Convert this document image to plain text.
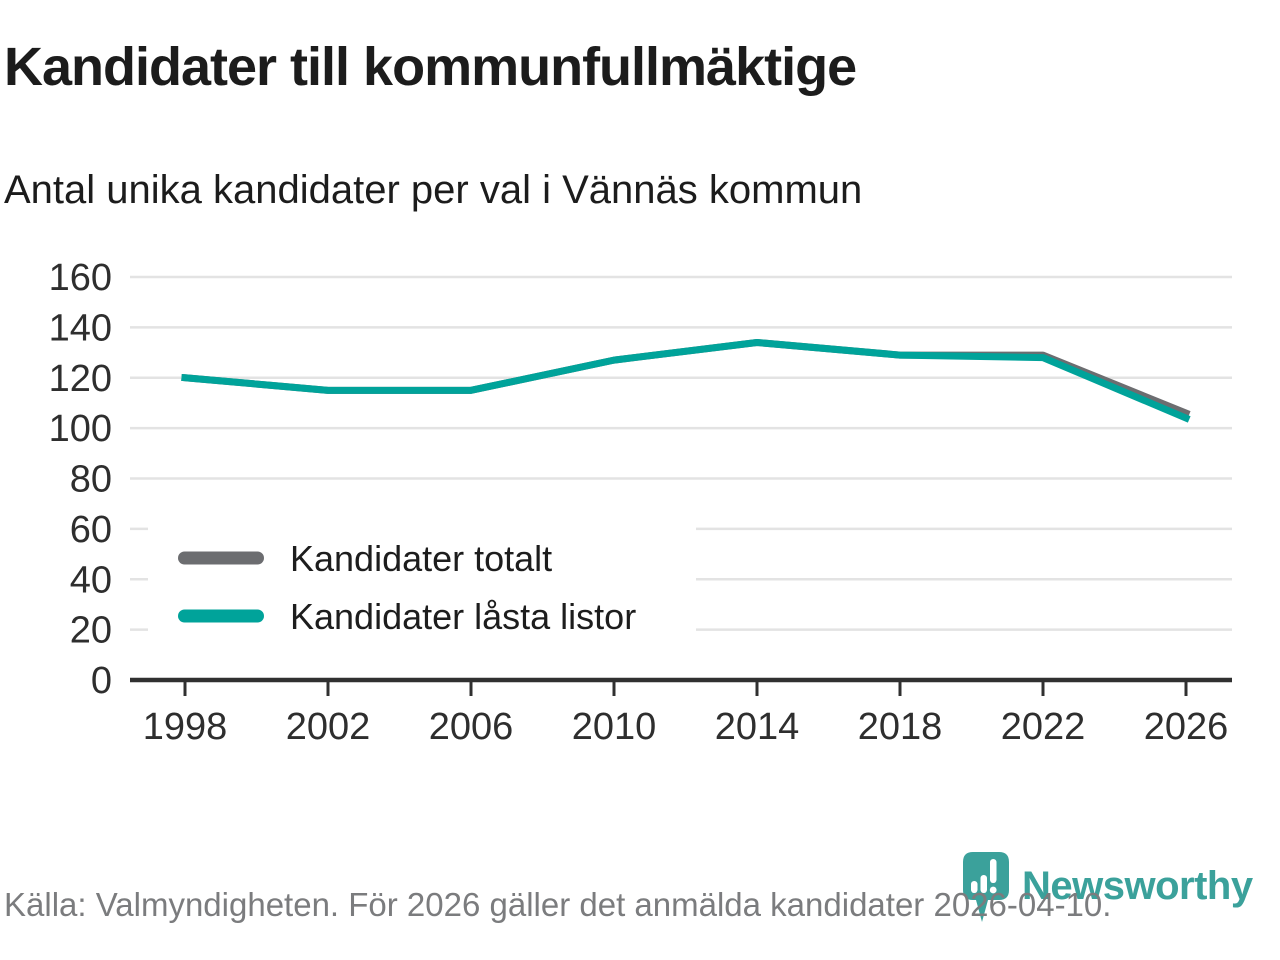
Kandidater till kommunfullmäktige
Antal unika kandidater per val i Vännäs kommun
Kandidater totalt
Kandidater låsta listor
1998 2002 2006 2010 2014 2018 2022 2026
0
20
40
60
80
100
120
140
160
Newsworthy
Källa: Valmyndigheten. För 2026 gäller det anmälda kandidater 2026-04-10.
